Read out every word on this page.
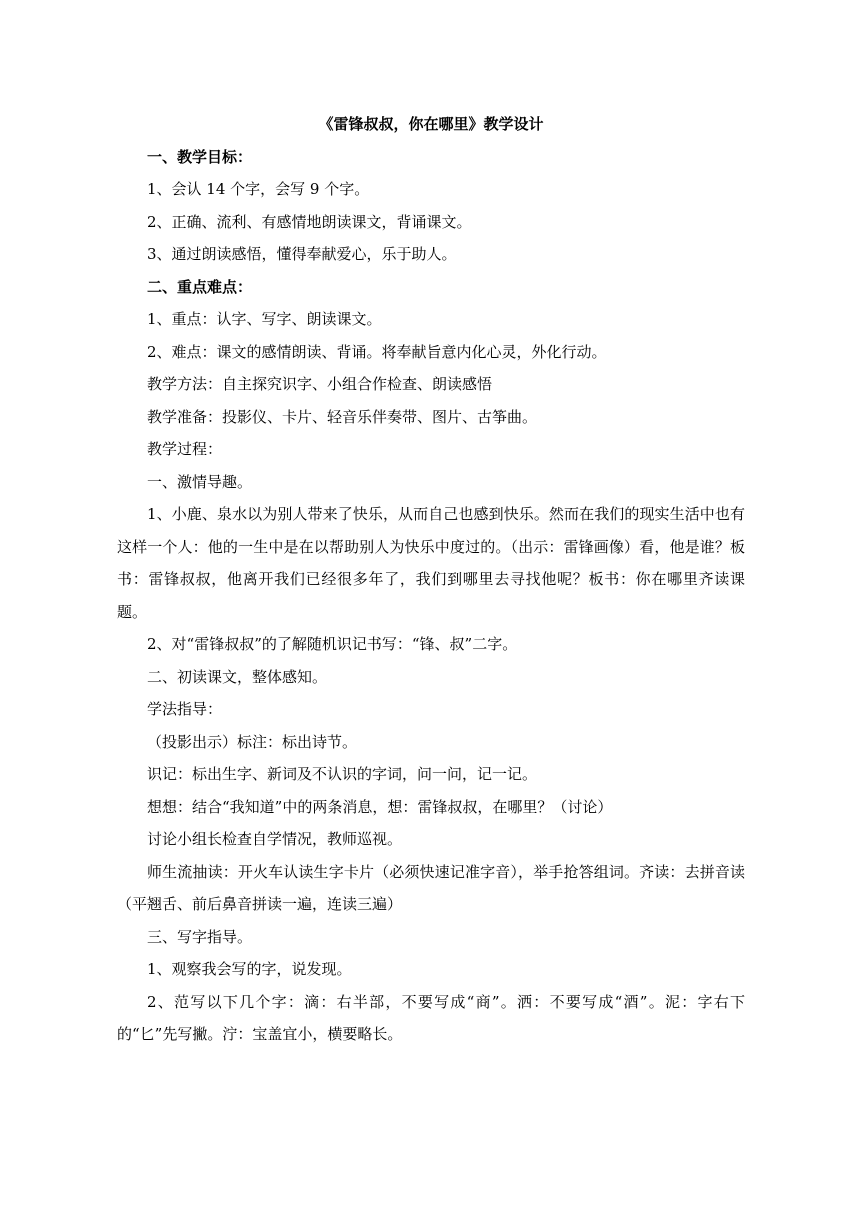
《雷锋叔叔，你在哪里》教学设计

一、教学目标：

1、会认 14 个字，会写 9 个字。

2、正确、流利、有感情地朗读课文，背诵课文。

3、通过朗读感悟，懂得奉献爱心，乐于助人。

二、重点难点：

1、重点：认字、写字、朗读课文。

2、难点：课文的感情朗读、背诵。将奉献旨意内化心灵，外化行动。

教学方法：自主探究识字、小组合作检查、朗读感悟

教学准备：投影仪、卡片、轻音乐伴奏带、图片、古筝曲。

教学过程：

一、激情导趣。

1、小鹿、泉水以为别人带来了快乐，从而自己也感到快乐。然而在我们的现实生活中也有这样一个人：他的一生中是在以帮助别人为快乐中度过的。（出示：雷锋画像）看，他是谁？板书：雷锋叔叔，他离开我们已经很多年了，我们到哪里去寻找他呢？板书：你在哪里齐读课题。

2、对“雷锋叔叔”的了解随机识记书写：“锋、叔”二字。

二、初读课文，整体感知。

学法指导：

（投影出示）标注：标出诗节。

识记：标出生字、新词及不认识的字词，问一问，记一记。

想想：结合“我知道”中的两条消息，想：雷锋叔叔，在哪里？（讨论）

讨论小组长检查自学情况，教师巡视。

师生流抽读：开火车认读生字卡片（必须快速记准字音），举手抢答组词。齐读：去拼音读（平翘舌、前后鼻音拼读一遍，连读三遍）

三、写字指导。

1、观察我会写的字，说发现。

2、范写以下几个字：滴：右半部，不要写成“商”。洒：不要写成“酒”。泥：字右下的“匕”先写撇。泞：宝盖宜小，横要略长。
